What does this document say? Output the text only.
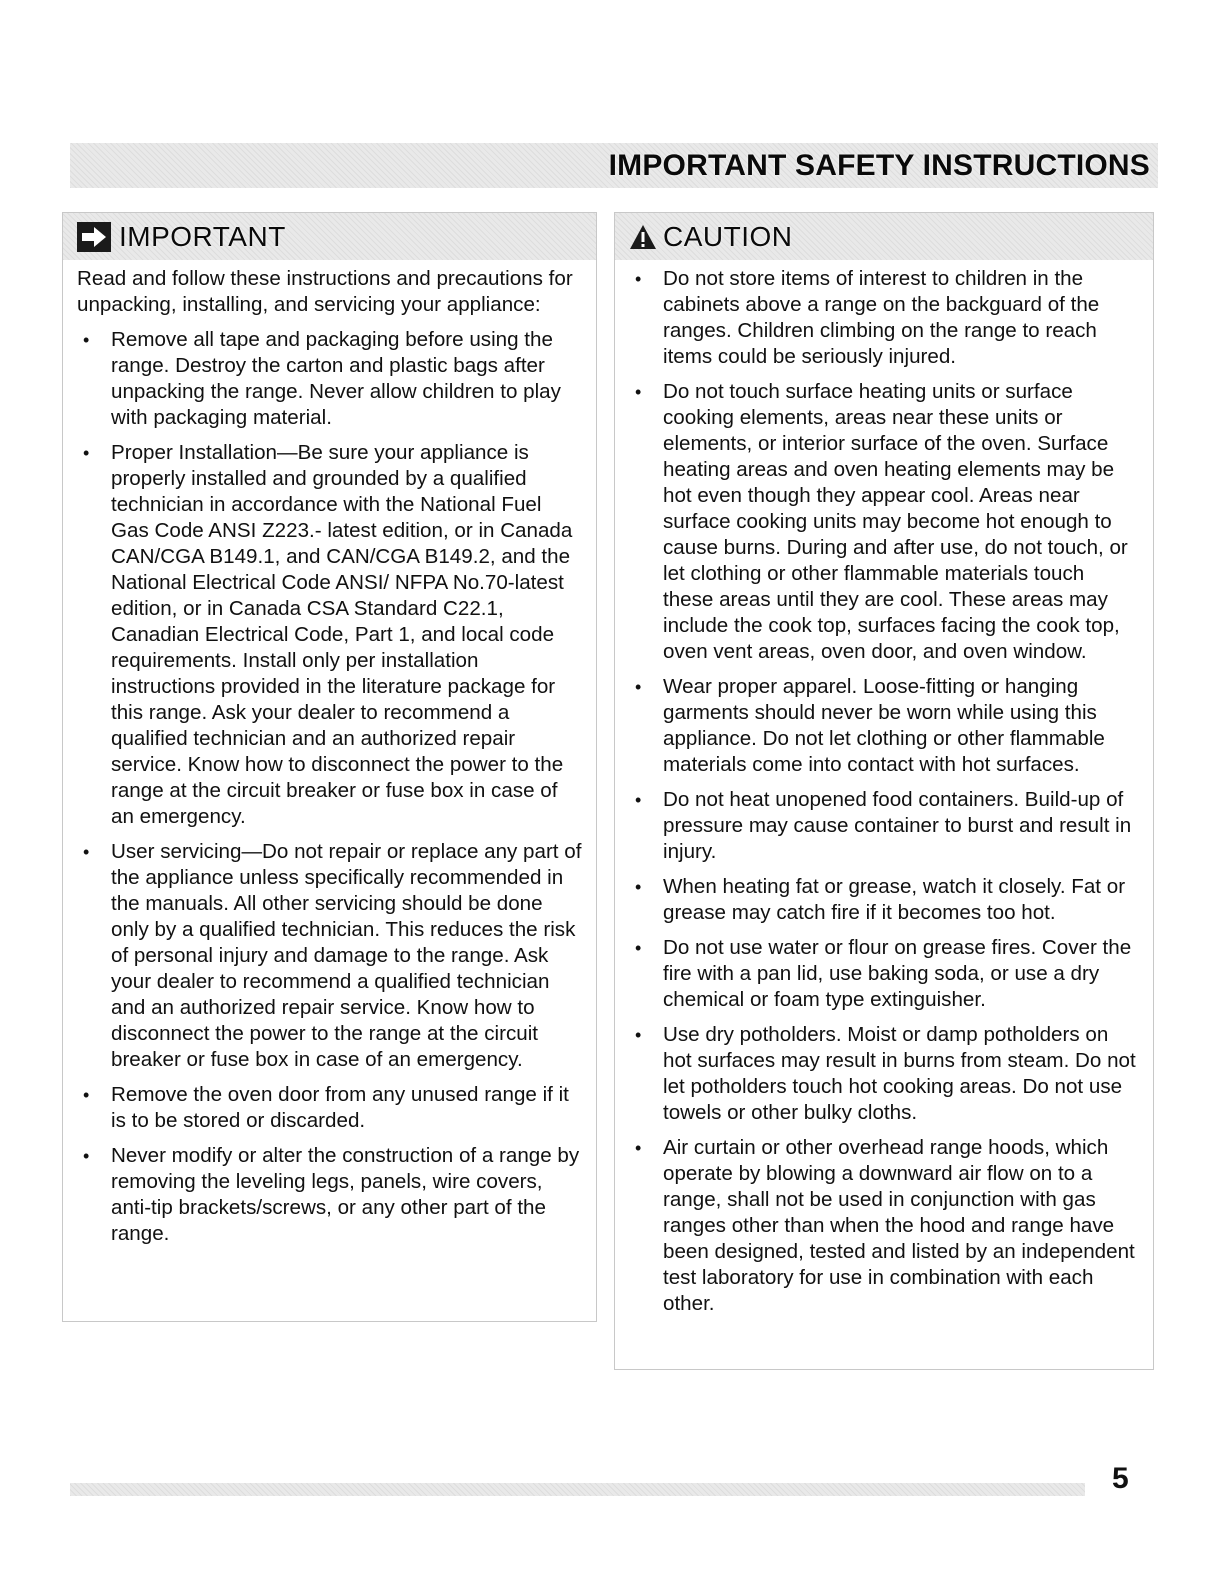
IMPORTANT SAFETY INSTRUCTIONS
IMPORTANT

Read and follow these instructions and precautions for unpacking, installing, and servicing your appliance:

• Remove all tape and packaging before using the range. Destroy the carton and plastic bags after unpacking the range. Never allow children to play with packaging material.
• Proper Installation—Be sure your appliance is properly installed and grounded by a qualified technician in accordance with the National Fuel Gas Code ANSI Z223.- latest edition, or in Canada CAN/CGA B149.1, and CAN/CGA B149.2, and the National Electrical Code ANSI/ NFPA No.70-latest edition, or in Canada CSA Standard C22.1, Canadian Electrical Code, Part 1, and local code requirements. Install only per installation instructions provided in the literature package for this range. Ask your dealer to recommend a qualified technician and an authorized repair service. Know how to disconnect the power to the range at the circuit breaker or fuse box in case of an emergency.
• User servicing—Do not repair or replace any part of the appliance unless specifically recommended in the manuals. All other servicing should be done only by a qualified technician. This reduces the risk of personal injury and damage to the range. Ask your dealer to recommend a qualified technician and an authorized repair service. Know how to disconnect the power to the range at the circuit breaker or fuse box in case of an emergency.
• Remove the oven door from any unused range if it is to be stored or discarded.
• Never modify or alter the construction of a range by removing the leveling legs, panels, wire covers, anti-tip brackets/screws, or any other part of the range.
CAUTION
• Do not store items of interest to children in the cabinets above a range on the backguard of the ranges. Children climbing on the range to reach items could be seriously injured.
• Do not touch surface heating units or surface cooking elements, areas near these units or elements, or interior surface of the oven. Surface heating areas and oven heating elements may be hot even though they appear cool. Areas near surface cooking units may become hot enough to cause burns. During and after use, do not touch, or let clothing or other flammable materials touch these areas until they are cool. These areas may include the cook top, surfaces facing the cook top, oven vent areas, oven door, and oven window.
• Wear proper apparel. Loose-fitting or hanging garments should never be worn while using this appliance. Do not let clothing or other flammable materials come into contact with hot surfaces.
• Do not heat unopened food containers. Build-up of pressure may cause container to burst and result in injury.
• When heating fat or grease, watch it closely. Fat or grease may catch fire if it becomes too hot.
• Do not use water or flour on grease fires. Cover the fire with a pan lid, use baking soda, or use a dry chemical or foam type extinguisher.
• Use dry potholders. Moist or damp potholders on hot surfaces may result in burns from steam. Do not let potholders touch hot cooking areas. Do not use towels or other bulky cloths.
• Air curtain or other overhead range hoods, which operate by blowing a downward air flow on to a range, shall not be used in conjunction with gas ranges other than when the hood and range have been designed, tested and listed by an independent test laboratory for use in combination with each other.
5
